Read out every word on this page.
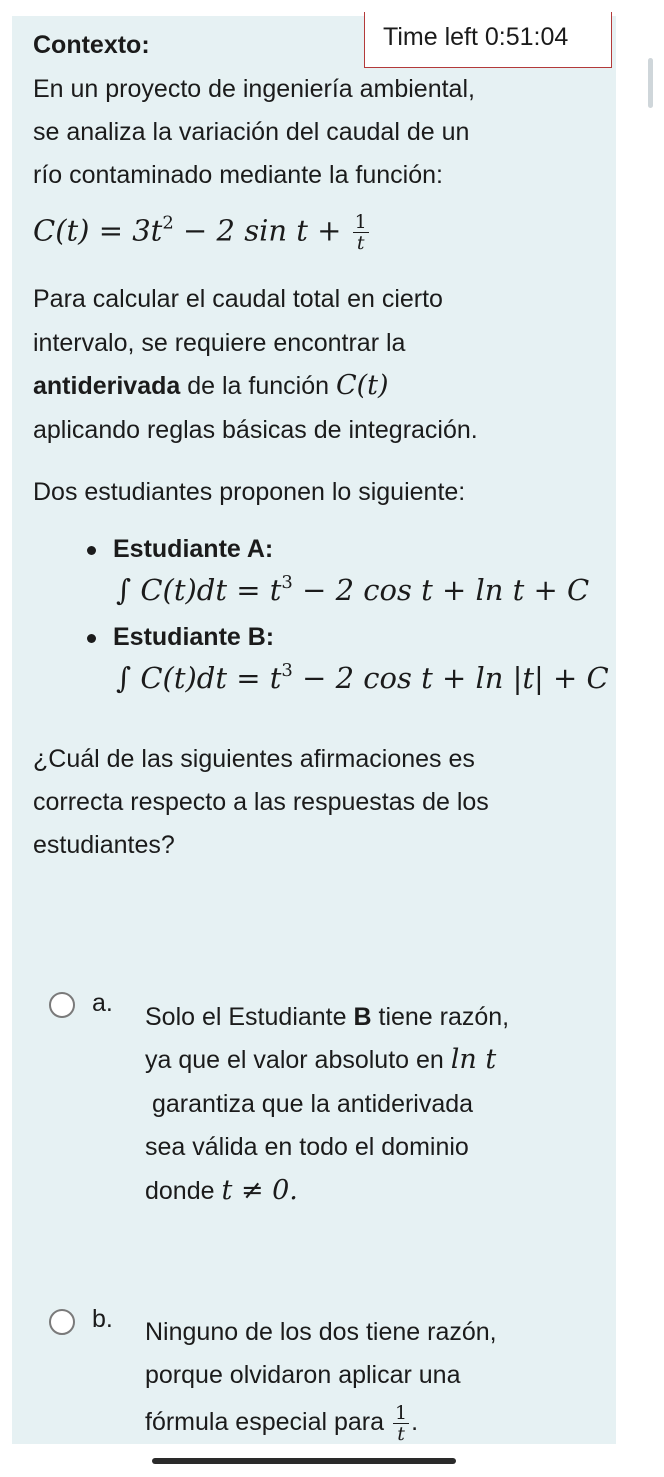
Time left 0:51:04
Contexto:
En un proyecto de ingeniería ambiental,
se analiza la variación del caudal de un
río contaminado mediante la función:
$C(t) = 3t^2 - 2$ $\sin t + \frac{1}{t}$
Para calcular el caudal total en cierto
intervalo, se requiere encontrar la
antiderivada de la función C(t)
aplicando reglas básicas de integración.
Dos estudiantes proponen lo siguiente:
Estudiante A:
∫ $C(t)dt = t^3 - 2$ cos t + ln t + C
Estudiante B:
∫ $C(t)dt = t^3 - 2$ cos t + ln |t| + C
¿Cuál de las siguientes afirmaciones es
correcta respecto a las respuestas de los
estudiantes?
a. Solo el Estudiante B tiene razón,
ya que el valor absoluto en ln t
garantiza que la antiderivada
sea válida en todo el dominio
donde t ≠ 0.
b. Ninguno de los dos tiene razón,
porque olvidaron aplicar una
fórmula especial para $\frac{1}{t}$ .
